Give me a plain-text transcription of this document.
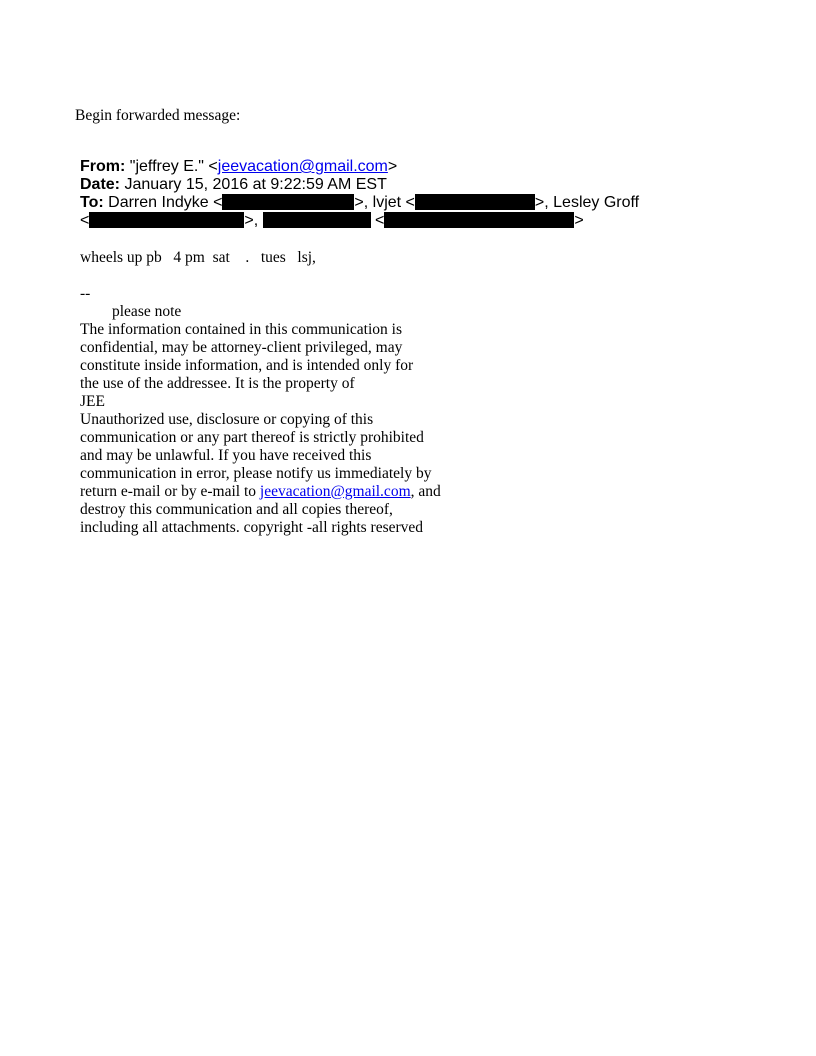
Begin forwarded message:
From: "jeffrey E." <jeevacation@gmail.com>
Date: January 15, 2016 at 9:22:59 AM EST
To: Darren Indyke <	>, lvjet <	>, Lesley Groff
<	>,	<	>
wheels up pb   4 pm  sat    .   tues   lsj,
--
please note
The information contained in this communication is
confidential, may be attorney-client privileged, may
constitute inside information, and is intended only for
the use of the addressee. It is the property of
JEE
Unauthorized use, disclosure or copying of this
communication or any part thereof is strictly prohibited
and may be unlawful. If you have received this
communication in error, please notify us immediately by
return e-mail or by e-mail to jeevacation@gmail.com, and
destroy this communication and all copies thereof,
including all attachments. copyright -all rights reserved
